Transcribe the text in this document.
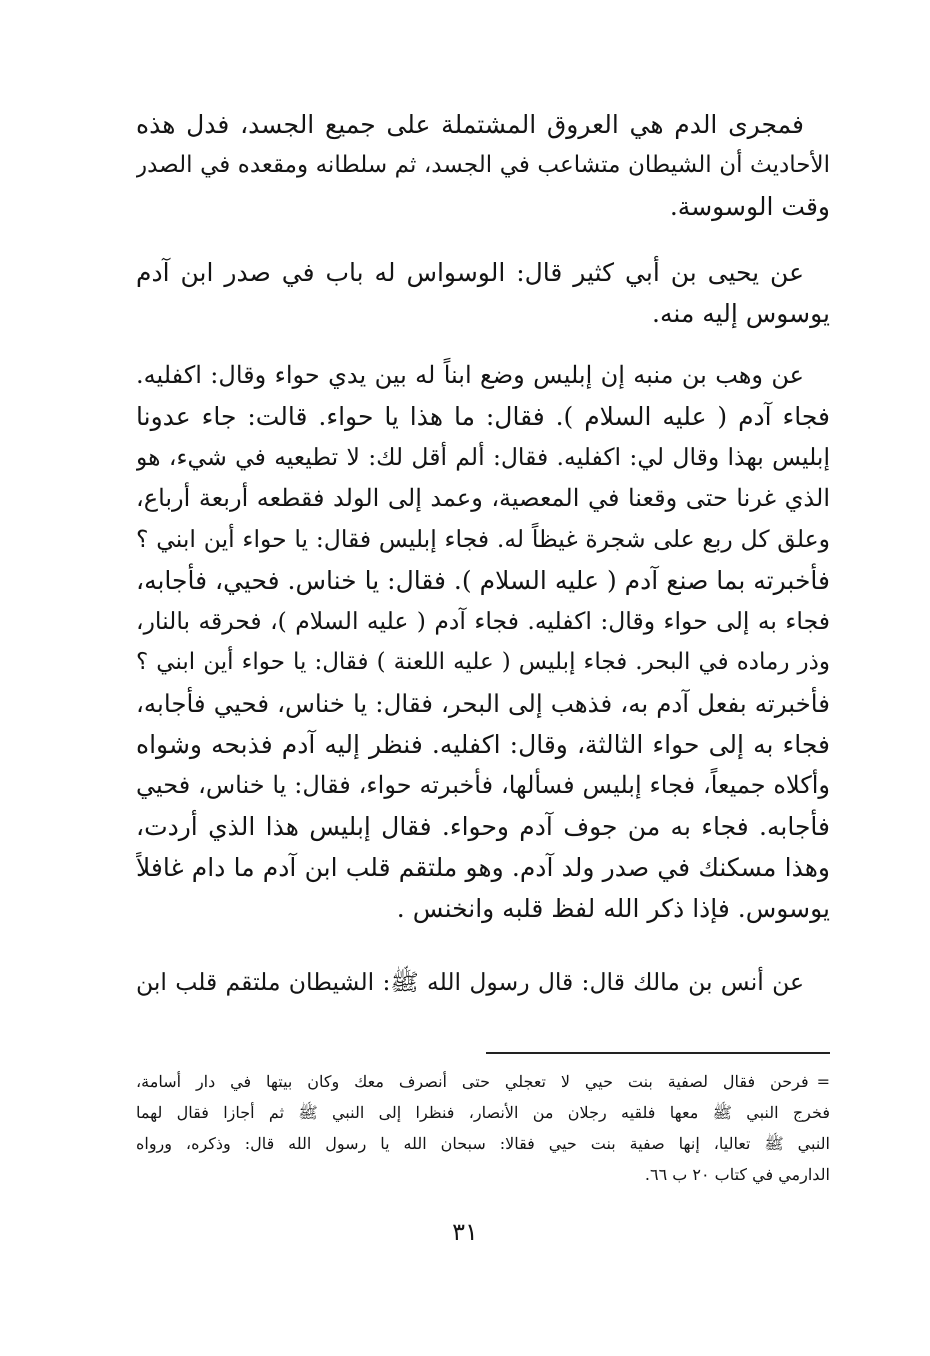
فمجرى الدم هي العروق المشتملة على جميع الجسد، فدل هذه
الأحاديث أن الشيطان متشاعب في الجسد، ثم سلطانه ومقعده في الصدر
وقت الوسوسة.
عن يحيى بن أبي كثير قال: الوسواس له باب في صدر ابن آدم
يوسوس إليه منه.
عن وهب بن منبه إن إبليس وضع ابناً له بين يدي حواء وقال: اكفليه.
فجاء آدم ( عليه السلام ). فقال: ما هذا يا حواء. قالت: جاء عدونا
إبليس بهذا وقال لي: اكفليه. فقال: ألم أقل لك: لا تطيعيه في شيء، هو
الذي غرنا حتى وقعنا في المعصية، وعمد إلى الولد فقطعه أربعة أرباع،
وعلق كل ربع على شجرة غيظاً له. فجاء إبليس فقال: يا حواء أين ابني ؟
فأخبرته بما صنع آدم ( عليه السلام ). فقال: يا خناس. فحيي، فأجابه،
فجاء به إلى حواء وقال: اكفليه. فجاء آدم ( عليه السلام )، فحرقه بالنار،
وذر رماده في البحر. فجاء إبليس ( عليه اللعنة ) فقال: يا حواء أين ابني ؟
فأخبرته بفعل آدم به، فذهب إلى البحر، فقال: يا خناس، فحيي فأجابه،
فجاء به إلى حواء الثالثة، وقال: اكفليه. فنظر إليه آدم فذبحه وشواه
وأكلاه جميعاً، فجاء إبليس فسألها، فأخبرته حواء، فقال: يا خناس، فحيي
فأجابه. فجاء به من جوف آدم وحواء. فقال إبليس هذا الذي أردت،
وهذا مسكنك في صدر ولد آدم. وهو ملتقم قلب ابن آدم ما دام غافلاً
يوسوس. فإذا ذكر الله لفظ قلبه وانخنس .
عن أنس بن مالك قال: قال رسول الله ﷺ: الشيطان ملتقم قلب ابن
=فرحن فقال لصفية بنت حيي لا تعجلي حتى أنصرف معك وكان بيتها في دار أسامة،
فخرج النبي ﷺ معها فلقيه رجلان من الأنصار، فنظرا إلى النبي ﷺ ثم أجازا فقال لهما
النبي ﷺ تعاليا، إنها صفية بنت حيي فقالا: سبحان الله يا رسول الله قال: وذكره، ورواه
الدارمي في كتاب ٢٠ ب ٦٦.
٣١
